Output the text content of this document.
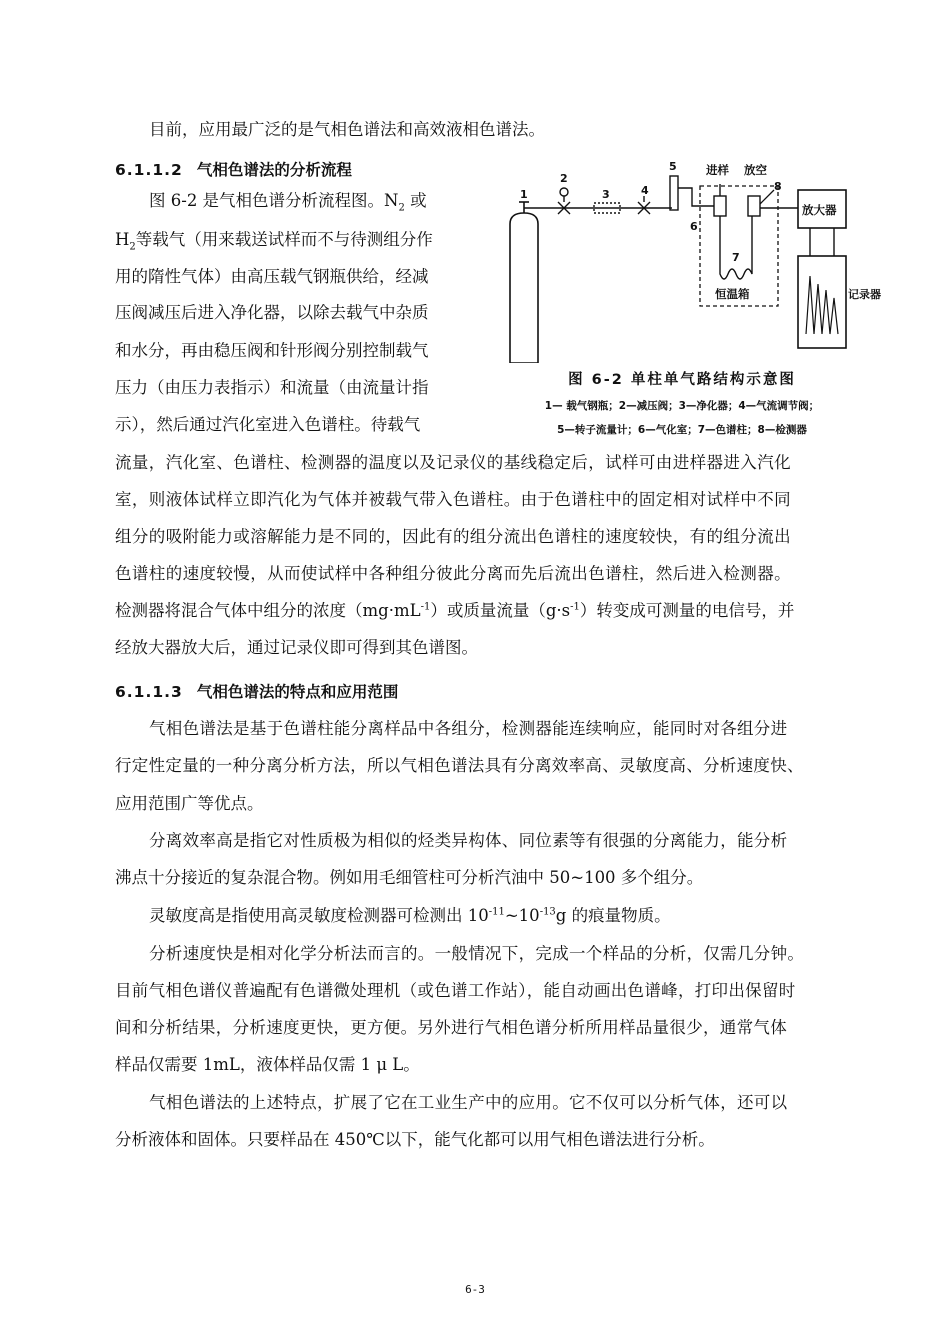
目前，应用最广泛的是气相色谱法和高效液相色谱法。
6.1.1.2 气相色谱法的分析流程
图 6-2 是气相色谱分析流程图。$N_2$ 或
$H_2$等载气（用来载送试样而不与待测组分作
用的隋性气体）由高压载气钢瓶供给，经减
压阀减压后进入净化器，以除去载气中杂质
和水分，再由稳压阀和针形阀分别控制载气
压力（由压力表指示）和流量（由流量计指
示），然后通过汽化室进入色谱柱。待载气
1
2
3	4
5
6
7
恒温箱
8
进样 放空
放大器
记录器
图 6-2 单柱单气路结构示意图
1— 载气钢瓶；2—减压阀；3—净化器；4—气流调节阀；
5—转子流量计；6—气化室；7—色谱柱；8—检测器
流量，汽化室、色谱柱、检测器的温度以及记录仪的基线稳定后，试样可由进样器进入汽化
室，则液体试样立即汽化为气体并被载气带入色谱柱。由于色谱柱中的固定相对试样中不同
组分的吸附能力或溶解能力是不同的，因此有的组分流出色谱柱的速度较快，有的组分流出
色谱柱的速度较慢，从而使试样中各种组分彼此分离而先后流出色谱柱，然后进入检测器。
检测器将混合气体中组分的浓度$(mg\cdot mL^{-1})$或质量流量$(g\cdot s^{-1})$转变成可测量的电信号，并
经放大器放大后，通过记录仪即可得到其色谱图。
6.1.1.3 气相色谱法的特点和应用范围
气相色谱法是基于色谱柱能分离样品中各组分，检测器能连续响应，能同时对各组分进
行定性定量的一种分离分析方法，所以气相色谱法具有分离效率高、灵敏度高、分析速度快、
应用范围广等优点。
分离效率高是指它对性质极为相似的烃类异构体、同位素等有很强的分离能力，能分析
沸点十分接近的复杂混合物。例如用毛细管柱可分析汽油中 50~100 多个组分。
灵敏度高是指使用高灵敏度检测器可检测出 $10^{-11}\sim 10^{-13}g$ 的痕量物质。
分析速度快是相对化学分析法而言的。一般情况下，完成一个样品的分析，仅需几分钟。
目前气相色谱仪普遍配有色谱微处理机（或色谱工作站），能自动画出色谱峰，打印出保留时
间和分析结果，分析速度更快，更方便。另外进行气相色谱分析所用样品量很少，通常气体
样品仅需要 1mL，液体样品仅需 1 μ L。
气相色谱法的上述特点，扩展了它在工业生产中的应用。它不仅可以分析气体，还可以
分析液体和固体。只要样品在 450℃以下，能气化都可以用气相色谱法进行分析。
6-3
